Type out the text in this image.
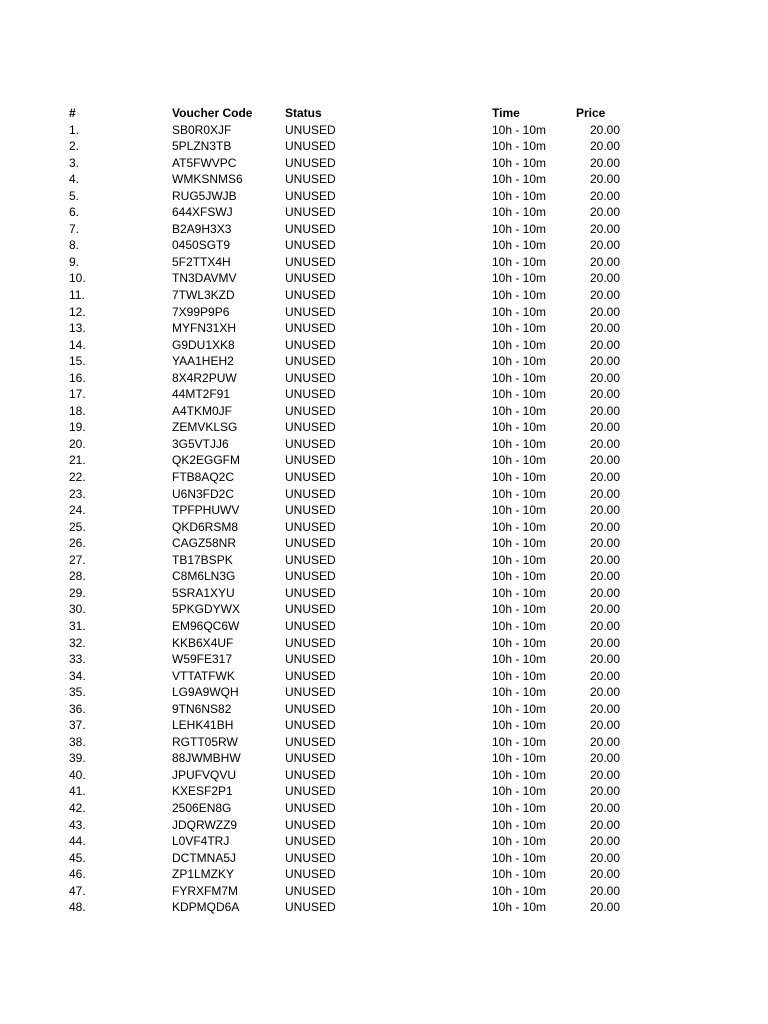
#	Voucher Code	Status	Time	Price
1.	SB0R0XJF	UNUSED	10h - 10m	20.00
2.	5PLZN3TB	UNUSED	10h - 10m	20.00
3.	AT5FWVPC	UNUSED	10h - 10m	20.00
4.	WMKSNMS6	UNUSED	10h - 10m	20.00
5.	RUG5JWJB	UNUSED	10h - 10m	20.00
6.	644XFSWJ	UNUSED	10h - 10m	20.00
7.	B2A9H3X3	UNUSED	10h - 10m	20.00
8.	0450SGT9	UNUSED	10h - 10m	20.00
9.	5F2TTX4H	UNUSED	10h - 10m	20.00
10.	TN3DAVMV	UNUSED	10h - 10m	20.00
11.	7TWL3KZD	UNUSED	10h - 10m	20.00
12.	7X99P9P6	UNUSED	10h - 10m	20.00
13.	MYFN31XH	UNUSED	10h - 10m	20.00
14.	G9DU1XK8	UNUSED	10h - 10m	20.00
15.	YAA1HEH2	UNUSED	10h - 10m	20.00
16.	8X4R2PUW	UNUSED	10h - 10m	20.00
17.	44MT2F91	UNUSED	10h - 10m	20.00
18.	A4TKM0JF	UNUSED	10h - 10m	20.00
19.	ZEMVKLSG	UNUSED	10h - 10m	20.00
20.	3G5VTJJ6	UNUSED	10h - 10m	20.00
21.	QK2EGGFM	UNUSED	10h - 10m	20.00
22.	FTB8AQ2C	UNUSED	10h - 10m	20.00
23.	U6N3FD2C	UNUSED	10h - 10m	20.00
24.	TPFPHUWV	UNUSED	10h - 10m	20.00
25.	QKD6RSM8	UNUSED	10h - 10m	20.00
26.	CAGZ58NR	UNUSED	10h - 10m	20.00
27.	TB17BSPK	UNUSED	10h - 10m	20.00
28.	C8M6LN3G	UNUSED	10h - 10m	20.00
29.	5SRA1XYU	UNUSED	10h - 10m	20.00
30.	5PKGDYWX	UNUSED	10h - 10m	20.00
31.	EM96QC6W	UNUSED	10h - 10m	20.00
32.	KKB6X4UF	UNUSED	10h - 10m	20.00
33.	W59FE317	UNUSED	10h - 10m	20.00
34.	VTTATFWK	UNUSED	10h - 10m	20.00
35.	LG9A9WQH	UNUSED	10h - 10m	20.00
36.	9TN6NS82	UNUSED	10h - 10m	20.00
37.	LEHK41BH	UNUSED	10h - 10m	20.00
38.	RGTT05RW	UNUSED	10h - 10m	20.00
39.	88JWMBHW	UNUSED	10h - 10m	20.00
40.	JPUFVQVU	UNUSED	10h - 10m	20.00
41.	KXESF2P1	UNUSED	10h - 10m	20.00
42.	2506EN8G	UNUSED	10h - 10m	20.00
43.	JDQRWZZ9	UNUSED	10h - 10m	20.00
44.	L0VF4TRJ	UNUSED	10h - 10m	20.00
45.	DCTMNA5J	UNUSED	10h - 10m	20.00
46.	ZP1LMZKY	UNUSED	10h - 10m	20.00
47.	FYRXFM7M	UNUSED	10h - 10m	20.00
48.	KDPMQD6A	UNUSED	10h - 10m	20.00
